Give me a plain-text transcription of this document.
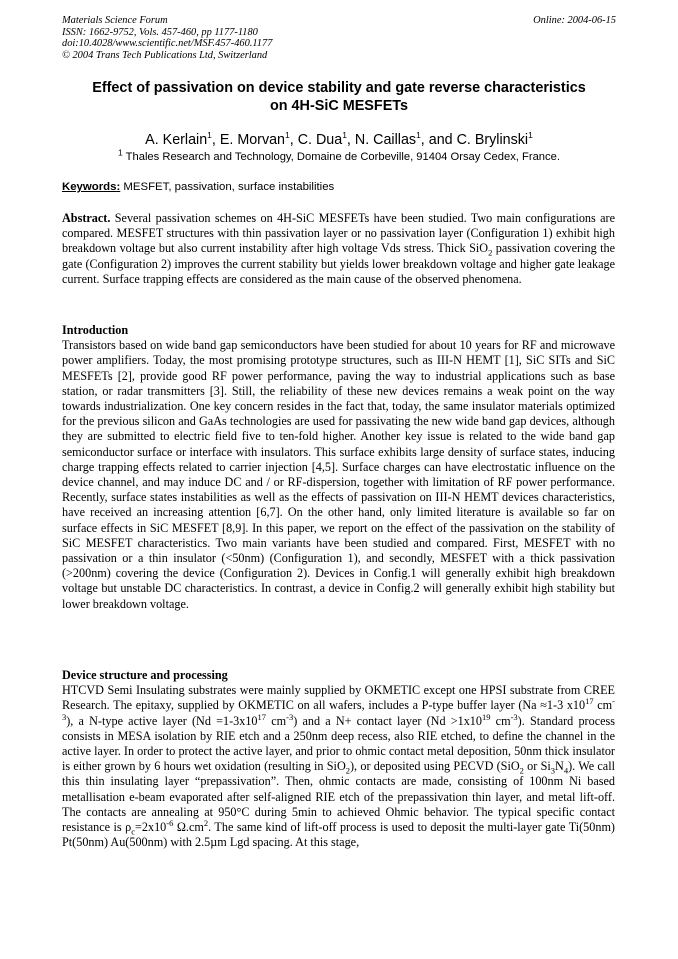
Materials Science Forum
ISSN: 1662-9752, Vols. 457-460, pp 1177-1180
doi:10.4028/www.scientific.net/MSF.457-460.1177
© 2004 Trans Tech Publications Ltd, Switzerland
Online: 2004-06-15
Effect of passivation on device stability and gate reverse characteristics
on 4H-SiC MESFETs
A. Kerlain$^1$, E. Morvan$^1$, C. Dua$^1$, N. Caillas$^1$, and C. Brylinski$^1$
$^1$ Thales Research and Technology, Domaine de Corbeville, 91404 Orsay Cedex, France.
Keywords: MESFET, passivation, surface instabilities

Abstract. Several passivation schemes on 4H-SiC MESFETs have been studied. Two main configurations are compared. MESFET structures with thin passivation layer or no passivation layer (Configuration 1) exhibit high breakdown voltage but also current instability after high voltage Vds stress. Thick SiO$_2$ passivation covering the gate (Configuration 2) improves the current stability but yields lower breakdown voltage and higher gate leakage current. Surface trapping effects are considered as the main cause of the observed phenomena.

Introduction

Transistors based on wide band gap semiconductors have been studied for about 10 years for RF and microwave power amplifiers. Today, the most promising prototype structures, such as III-N HEMT [1], SiC SITs and SiC MESFETs [2], provide good RF power performance, paving the way to industrial applications such as base station, or radar transmitters [3]. Still, the reliability of these new devices remains a weak point on the way towards industrialization. One key concern resides in the fact that, today, the same insulator materials optimized for the previous silicon and GaAs technologies are used for passivating the new wide band gap devices, although they are submitted to electric field five to ten-fold higher. Another key issue is related to the wide band gap semiconductor surface or interface with insulators. This surface exhibits large density of surface states, inducing charge trapping effects related to carrier injection [4,5]. Surface charges can have electrostatic influence on the device channel, and may induce DC and / or RF-dispersion, together with limitation of RF power performance. Recently, surface states instabilities as well as the effects of passivation on III-N HEMT devices characteristics, have received an increasing attention [6,7]. On the other hand, only limited literature is available so far on surface effects in SiC MESFET [8,9]. In this paper, we report on the effect of the passivation on the stability of SiC MESFET characteristics. Two main variants have been studied and compared. First, MESFET with no passivation or a thin insulator (<50nm) (Configuration 1), and secondly, MESFET with a thick passivation (>200nm) covering the device (Configuration 2). Devices in Config.1 will generally exhibit high breakdown voltage but unstable DC characteristics. In contrast, a device in Config.2 will generally exhibit high stability but lower breakdown voltage.

Device structure and processing

HTCVD Semi Insulating substrates were mainly supplied by OKMETIC except one HPSI substrate from CREE Research. The epitaxy, supplied by OKMETIC on all wafers, includes a P-type buffer layer (Na ≈1-3 $x10^{17}$ $cm^{-3}$), a N-type active layer ($Nd =1-3x10^{17}$ $cm^{-3}$) and a N+ contact layer ($Nd >1x10^{19}$ $cm^{-3}$). Standard process consists in MESA isolation by RIE etch and a 250nm deep recess, also RIE etched, to define the channel in the active layer. In order to protect the active layer, and prior to ohmic contact metal deposition, 50nm thick insulator is either grown by 6 hours wet oxidation (resulting in SiO$_2$), or deposited using PECVD (SiO$_2$ or $Si_3N_4$). We call this thin insulating layer “prepassivation”. Then, ohmic contacts are made, consisting of 100nm Ni based metallisation e-beam evaporated after self-aligned RIE etch of the prepassivation thin layer, and metal lift-off. The contacts are annealing at 950°C during 5min to achieved Ohmic behavior. The typical specific contact resistance is $\rho_c=2x10^{-6}$ $\Omega.cm^2$. The same kind of lift-off process is used to deposit the multi-layer gate Ti(50nm) Pt(50nm) Au(500nm) with 2.5µm Lgd spacing. At this stage,
